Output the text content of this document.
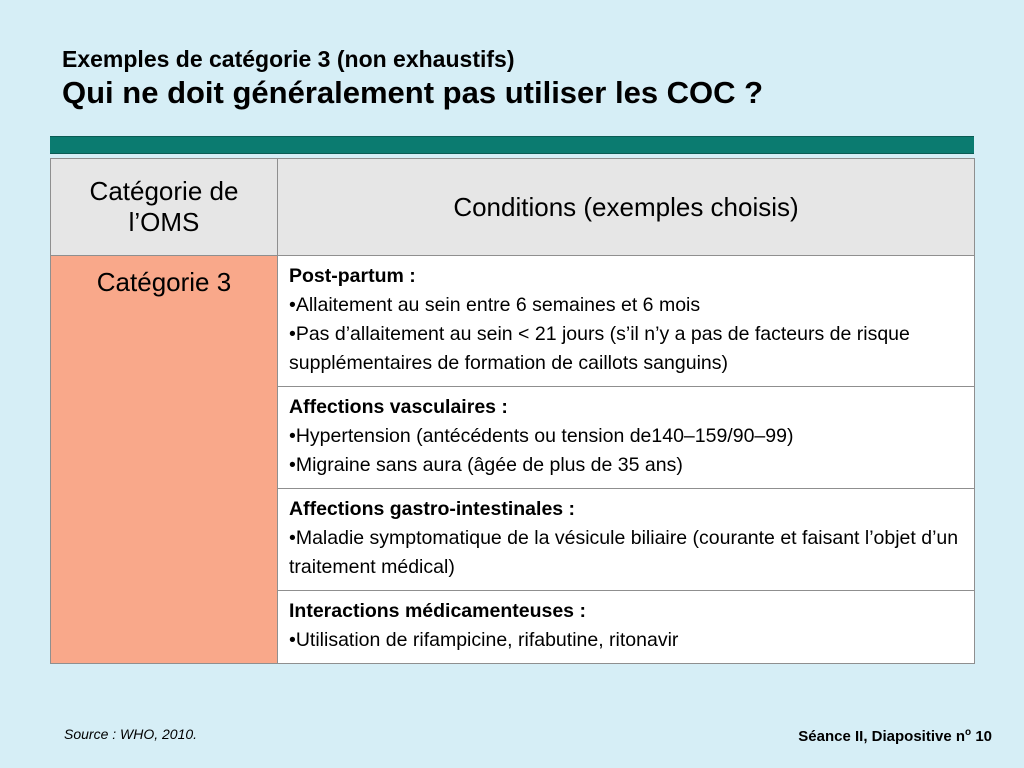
Exemples de catégorie 3 (non exhaustifs)
Qui ne doit généralement pas utiliser les COC ?
Catégorie de l’OMS	Conditions (exemples choisis)
Catégorie 3	Post-partum :
•Allaitement au sein entre 6 semaines et 6 mois
•Pas d’allaitement au sein < 21 jours (s’il n’y a pas de facteurs de risque supplémentaires de formation de caillots sanguins)

	Affections vasculaires :
•Hypertension (antécédents ou tension de140–159/90–99)
•Migraine sans aura (âgée de plus de 35 ans)

	Affections gastro-intestinales :
•Maladie symptomatique de la vésicule biliaire (courante et faisant l’objet d’un traitement médical)

	Interactions médicamenteuses :
•Utilisation de rifampicine, rifabutine, ritonavir
Source : WHO, 2010.	Séance II, Diapositive $n^o$ 10
